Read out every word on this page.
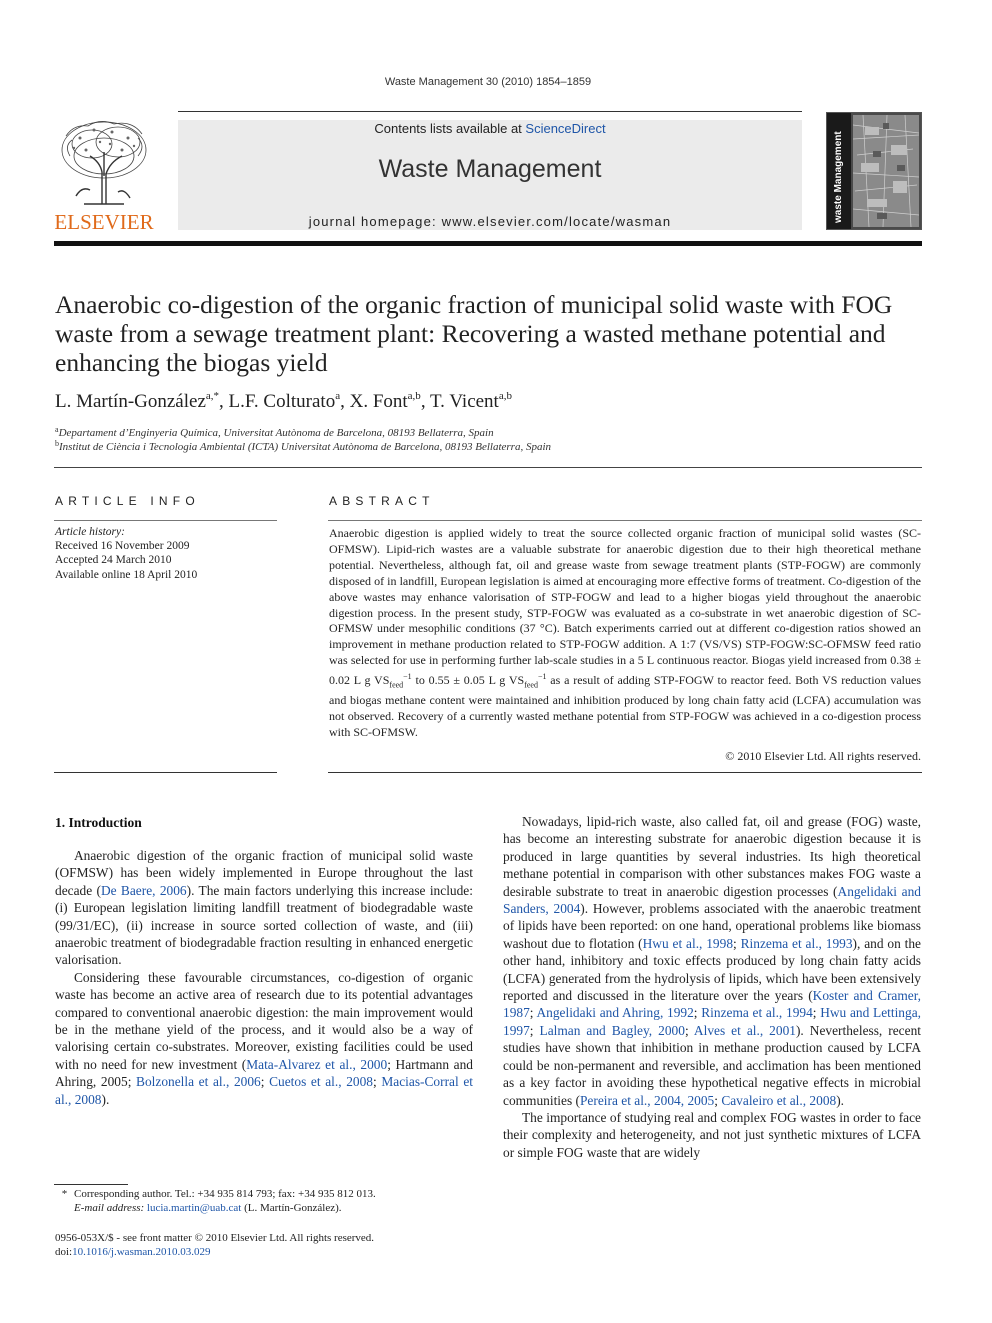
Waste Management 30 (2010) 1854–1859
ELSEVIER
Contents lists available at ScienceDirect
Waste Management
journal homepage: www.elsevier.com/locate/wasman	waste Management
Anaerobic co-digestion of the organic fraction of municipal solid waste with FOG waste from a sewage treatment plant: Recovering a wasted methane potential and enhancing the biogas yield
L. Martín-González$^{a,*}$, L.F. Colturato$^a$, X. Font$^{a,b}$, T. Vicent$^{a,b}$
$^a$Departament d’Enginyeria Química, Universitat Autònoma de Barcelona, 08193 Bellaterra, Spain
$^b$Institut de Ciència i Tecnologia Ambiental (ICTA) Universitat Autònoma de Barcelona, 08193 Bellaterra, Spain
ARTICLE INFO
Article history:
Received 16 November 2009
Accepted 24 March 2010
Available online 18 April 2010
ABSTRACT
Anaerobic digestion is applied widely to treat the source collected organic fraction of municipal solid wastes (SC-OFMSW). Lipid-rich wastes are a valuable substrate for anaerobic digestion due to their high theoretical methane potential. Nevertheless, although fat, oil and grease waste from sewage treatment plants (STP-FOGW) are commonly disposed of in landfill, European legislation is aimed at encouraging more effective forms of treatment. Co-digestion of the above wastes may enhance valorisation of STP-FOGW and lead to a higher biogas yield throughout the anaerobic digestion process. In the present study, STP-FOGW was evaluated as a co-substrate in wet anaerobic digestion of SC-OFMSW under mesophilic conditions (37 °C). Batch experiments carried out at different co-digestion ratios showed an improvement in methane production related to STP-FOGW addition. A 1:7 (VS/VS) STP-FOGW:SC-OFMSW feed ratio was selected for use in performing further lab-scale studies in a 5 L continuous reactor. Biogas yield increased from 0.38 ± 0.02 L g $VS_{feed}^{-1}$ to 0.55 ± 0.05 L g $VS_{feed}^{-1}$ as a result of adding STP-FOGW to reactor feed. Both VS reduction values and biogas methane content were maintained and inhibition produced by long chain fatty acid (LCFA) accumulation was not observed. Recovery of a currently wasted methane potential from STP-FOGW was achieved in a co-digestion process with SC-OFMSW.
© 2010 Elsevier Ltd. All rights reserved.
1. Introduction

Anaerobic digestion of the organic fraction of municipal solid waste (OFMSW) has been widely implemented in Europe throughout the last decade (De Baere, 2006). The main factors underlying this increase include: (i) European legislation limiting landfill treatment of biodegradable waste (99/31/EC), (ii) increase in source sorted collection of waste, and (iii) anaerobic treatment of biodegradable fraction resulting in enhanced energetic valorisation.

Considering these favourable circumstances, co-digestion of organic waste has become an active area of research due to its potential advantages compared to conventional anaerobic digestion: the main improvement would be in the methane yield of the process, and it would also be a way of valorising certain co-substrates. Moreover, existing facilities could be used with no need for new investment (Mata-Alvarez et al., 2000; Hartmann and Ahring, 2005; Bolzonella et al., 2006; Cuetos et al., 2008; Macias-Corral et al., 2008).

Nowadays, lipid-rich waste, also called fat, oil and grease (FOG) waste, has become an interesting substrate for anaerobic digestion because it is produced in large quantities by several industries. Its high theoretical methane potential in comparison with other substances makes FOG waste a desirable substrate to treat in anaerobic digestion processes (Angelidaki and Sanders, 2004). However, problems associated with the anaerobic treatment of lipids have been reported: on one hand, operational problems like biomass washout due to flotation (Hwu et al., 1998; Rinzema et al., 1993), and on the other hand, inhibitory and toxic effects produced by long chain fatty acids (LCFA) generated from the hydrolysis of lipids, which have been extensively reported and discussed in the literature over the years (Koster and Cramer, 1987; Angelidaki and Ahring, 1992; Rinzema et al., 1994; Hwu and Lettinga, 1997; Lalman and Bagley, 2000; Alves et al., 2001). Nevertheless, recent studies have shown that inhibition in methane production caused by LCFA could be non-permanent and reversible, and acclimation has been mentioned as a key factor in avoiding these hypothetical negative effects in microbial communities (Pereira et al., 2004, 2005; Cavaleiro et al., 2008).

The importance of studying real and complex FOG wastes in order to face their complexity and heterogeneity, and not just synthetic mixtures of LCFA or simple FOG waste that are widely

* Corresponding author. Tel.: +34 935 814 793; fax: +34 935 812 013.
E-mail address: lucia.martin@uab.cat (L. Martín-González).
0956-053X/$ - see front matter © 2010 Elsevier Ltd. All rights reserved.
doi:10.1016/j.wasman.2010.03.029
